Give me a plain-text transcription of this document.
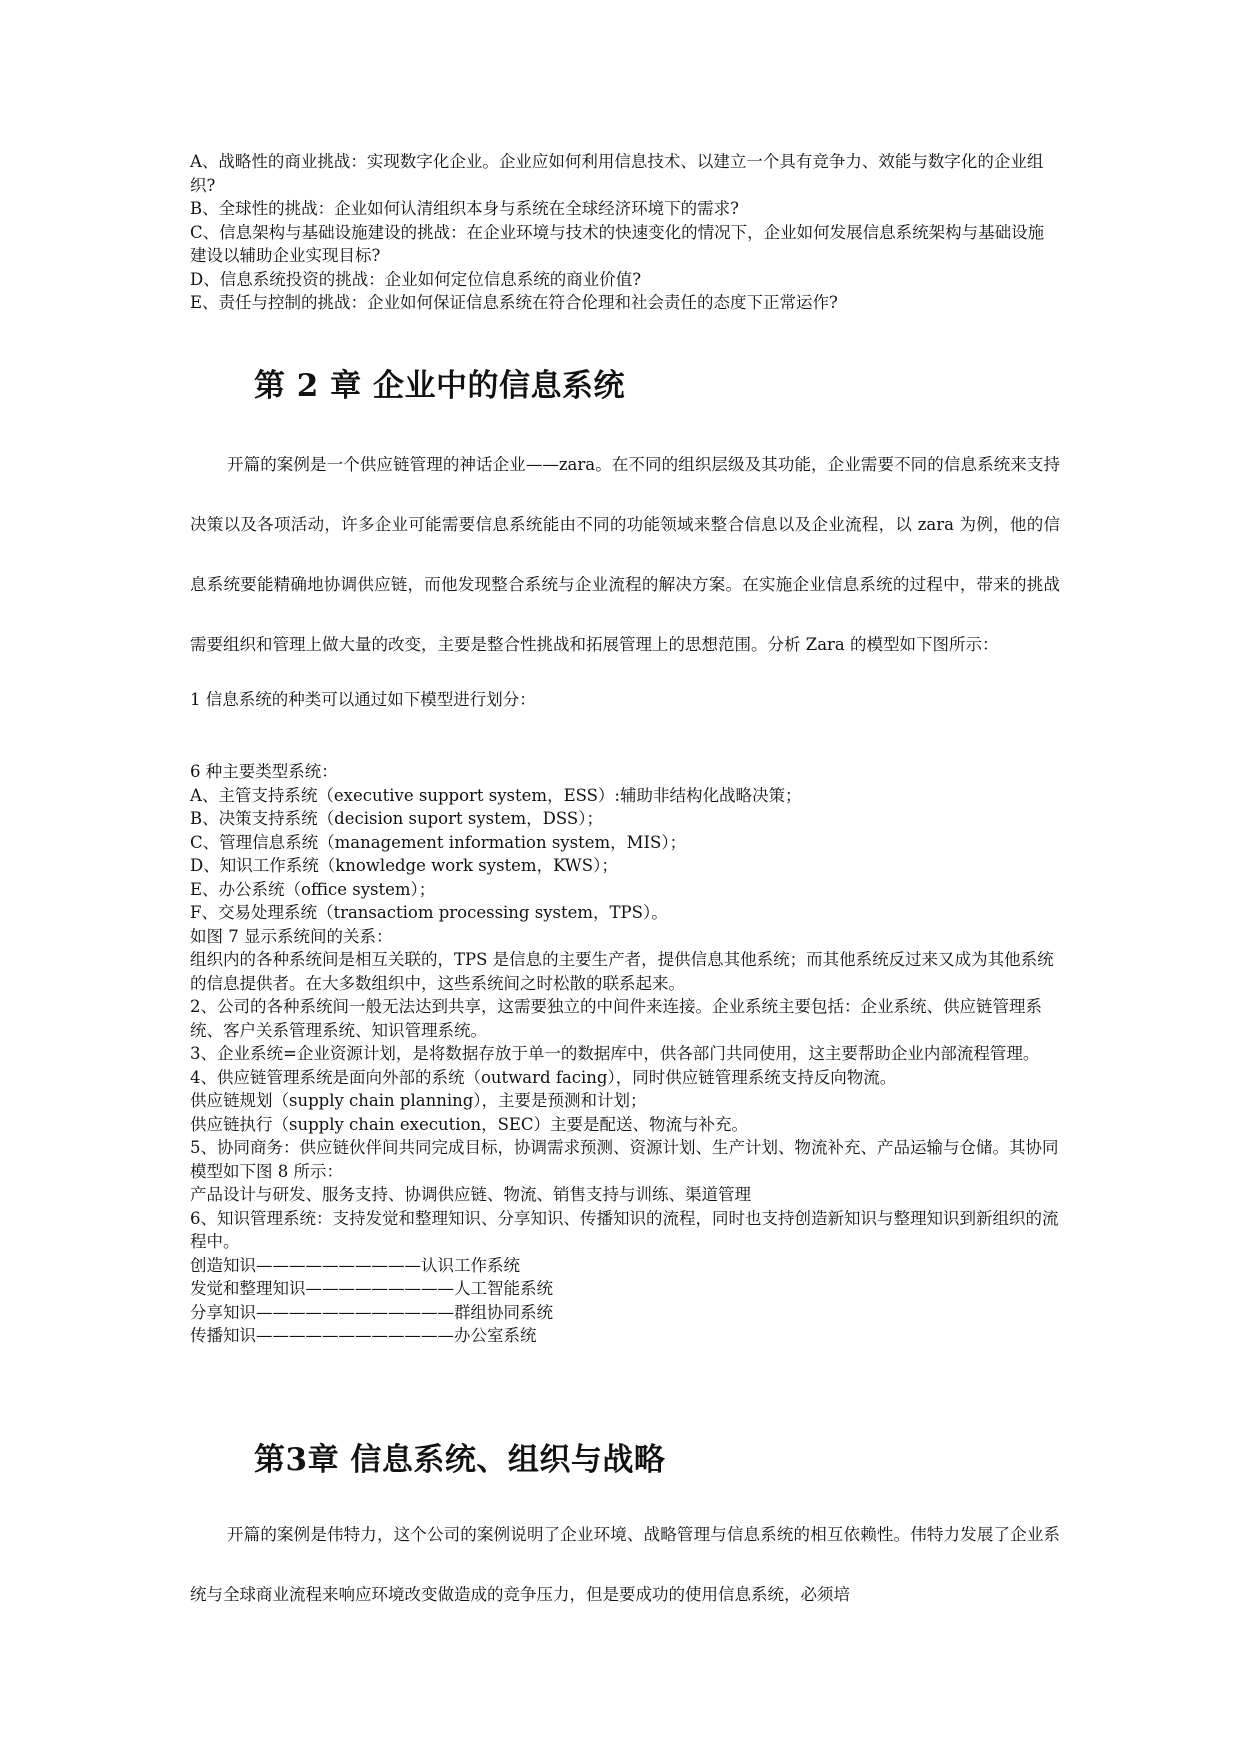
A、战略性的商业挑战：实现数字化企业。企业应如何利用信息技术、以建立一个具有竞争力、效能与数字化的企业组织?

B、全球性的挑战：企业如何认清组织本身与系统在全球经济环境下的需求?

C、信息架构与基础设施建设的挑战：在企业环境与技术的快速变化的情况下，企业如何发展信息系统架构与基础设施建设以辅助企业实现目标?

D、信息系统投资的挑战：企业如何定位信息系统的商业价值?

E、责任与控制的挑战：企业如何保证信息系统在符合伦理和社会责任的态度下正常运作?

第 2 章 企业中的信息系统

开篇的案例是一个供应链管理的神话企业——zara。在不同的组织层级及其功能，企业需要不同的信息系统来支持决策以及各项活动，许多企业可能需要信息系统能由不同的功能领域来整合信息以及企业流程，以 zara 为例，他的信息系统要能精确地协调供应链，而他发现整合系统与企业流程的解决方案。在实施企业信息系统的过程中，带来的挑战需要组织和管理上做大量的改变，主要是整合性挑战和拓展管理上的思想范围。分析 Zara 的模型如下图所示：

1 信息系统的种类可以通过如下模型进行划分：

6 种主要类型系统：

A、主管支持系统（executive support system，ESS）:辅助非结构化战略决策；

B、决策支持系统（decision suport system，DSS）；

C、管理信息系统（management information system，MIS）；

D、知识工作系统（knowledge work system，KWS）；

E、办公系统（office system）；

F、交易处理系统（transactiom processing system，TPS）。

如图 7 显示系统间的关系：

组织内的各种系统间是相互关联的，TPS 是信息的主要生产者，提供信息其他系统；而其他系统反过来又成为其他系统的信息提供者。在大多数组织中，这些系统间之时松散的联系起来。

2、公司的各种系统间一般无法达到共享，这需要独立的中间件来连接。企业系统主要包括：企业系统、供应链管理系统、客户关系管理系统、知识管理系统。

3、企业系统=企业资源计划，是将数据存放于单一的数据库中，供各部门共同使用，这主要帮助企业内部流程管理。

4、供应链管理系统是面向外部的系统（outward facing），同时供应链管理系统支持反向物流。

供应链规划（supply chain planning），主要是预测和计划；

供应链执行（supply chain execution，SEC）主要是配送、物流与补充。

5、协同商务：供应链伙伴间共同完成目标，协调需求预测、资源计划、生产计划、物流补充、产品运输与仓储。其协同模型如下图 8 所示：

产品设计与研发、服务支持、协调供应链、物流、销售支持与训练、渠道管理

6、知识管理系统：支持发觉和整理知识、分享知识、传播知识的流程，同时也支持创造新知识与整理知识到新组织的流程中。

创造知识——————————认识工作系统

发觉和整理知识—————————人工智能系统

分享知识————————————群组协同系统

传播知识————————————办公室系统

第3章 信息系统、组织与战略

开篇的案例是伟特力，这个公司的案例说明了企业环境、战略管理与信息系统的相互依赖性。伟特力发展了企业系统与全球商业流程来响应环境改变做造成的竞争压力，但是要成功的使用信息系统，必须培
